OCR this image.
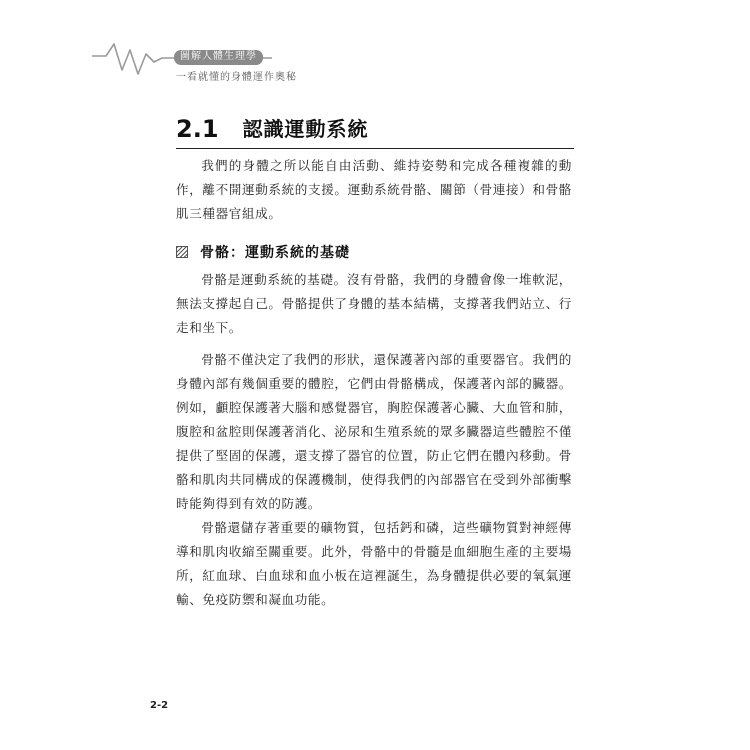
圖解人體生理學
一看就懂的身體運作奧秘
2.1 認識運動系統

我們的身體之所以能自由活動、維持姿勢和完成各種複雜的動作，離不開運動系統的支援。運動系統骨骼、關節（骨連接）和骨骼肌三種器官組成。

骨骼：運動系統的基礎

骨骼是運動系統的基礎。沒有骨骼，我們的身體會像一堆軟泥，無法支撐起自己。骨骼提供了身體的基本結構，支撐著我們站立、行走和坐下。

骨骼不僅決定了我們的形狀，還保護著內部的重要器官。我們的身體內部有幾個重要的體腔，它們由骨骼構成，保護著內部的臟器。例如，顱腔保護著大腦和感覺器官，胸腔保護著心臟、大血管和肺，腹腔和盆腔則保護著消化、泌尿和生殖系統的眾多臟器這些體腔不僅提供了堅固的保護，還支撐了器官的位置，防止它們在體內移動。骨骼和肌肉共同構成的保護機制，使得我們的內部器官在受到外部衝擊時能夠得到有效的防護。

骨骼還儲存著重要的礦物質，包括鈣和磷，這些礦物質對神經傳導和肌肉收縮至關重要。此外，骨骼中的骨髓是血細胞生產的主要場所，紅血球、白血球和血小板在這裡誕生，為身體提供必要的氧氣運輸、免疫防禦和凝血功能。

2-2
